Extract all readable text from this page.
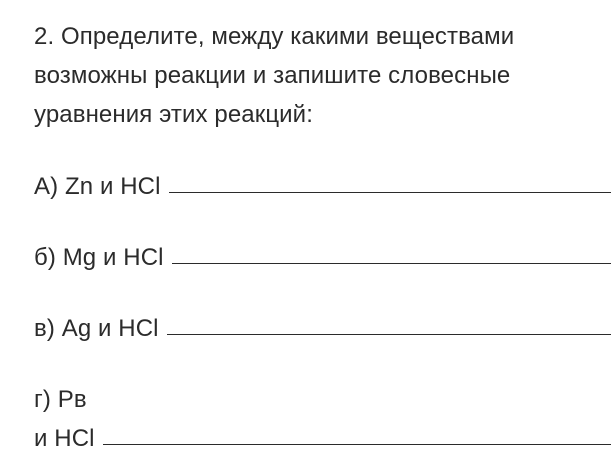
2. Определите, между какими веществами
возможны реакции и запишите словесные
уравнения этих реакций:
А) Zn и HCl
б) Mg и HCl
в) Ag и HCl
г) Рв
и HCl
